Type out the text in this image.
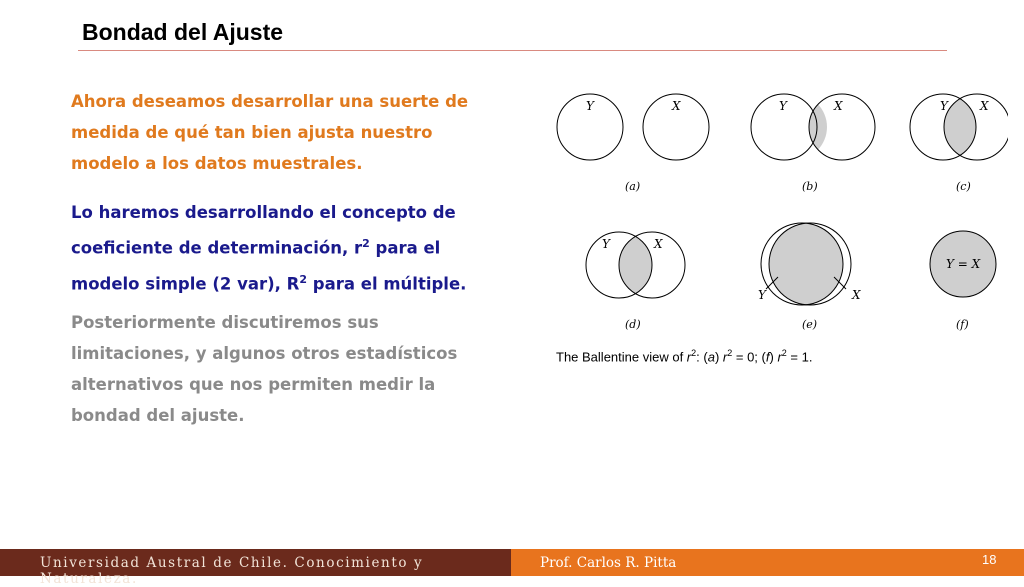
Bondad del Ajuste
Ahora deseamos desarrollar una suerte de medida de qué tan bien ajusta nuestro modelo a los datos muestrales.
Lo haremos desarrollando el concepto de coeficiente de determinación, $r^2$ para el modelo simple (2 var), $R^2$ para el múltiple.
Posteriormente discutiremos sus limitaciones, y algunos otros estadísticos alternativos que nos permiten medir la bondad del ajuste.
Y	X
(a)
Y	X
(b)
Y	X
(c)
Y	X
(d)
Y	X
(e)
Y = X
(f)
The Ballentine view of $r^2$: (a) $r^2 = 0$; (f) $r^2 = 1$.
Universidad Austral de Chile. Conocimiento y Naturaleza.
Prof. Carlos R. Pitta	18
